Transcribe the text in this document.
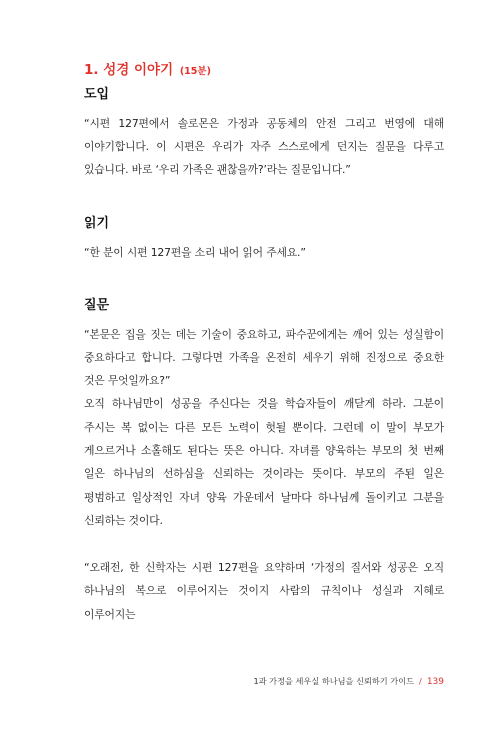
1. 성경 이야기 (15분)
도입

“시편 127편에서 솔로몬은 가정과 공동체의 안전 그리고 번영에 대해 이야기합니다. 이 시편은 우리가 자주 스스로에게 던지는 질문을 다루고 있습니다. 바로 ‘우리 가족은 괜찮을까?’라는 질문입니다.”

읽기

“한 분이 시편 127편을 소리 내어 읽어 주세요.”

질문

“본문은 집을 짓는 데는 기술이 중요하고, 파수꾼에게는 깨어 있는 성실함이 중요하다고 합니다. 그렇다면 가족을 온전히 세우기 위해 진정으로 중요한 것은 무엇일까요?”

오직 하나님만이 성공을 주신다는 것을 학습자들이 깨닫게 하라. 그분이 주시는 복 없이는 다른 모든 노력이 헛될 뿐이다. 그런데 이 말이 부모가 게으르거나 소홀해도 된다는 뜻은 아니다. 자녀를 양육하는 부모의 첫 번째 일은 하나님의 선하심을 신뢰하는 것이라는 뜻이다. 부모의 주된 일은 평범하고 일상적인 자녀 양육 가운데서 날마다 하나님께 돌이키고 그분을 신뢰하는 것이다.

“오래전, 한 신학자는 시편 127편을 요약하며 ‘가정의 질서와 성공은 오직 하나님의 복으로 이루어지는 것이지 사람의 규칙이나 성실과 지혜로 이루어지는

1과 가정을 세우실 하나님을 신뢰하기 가이드 / 139
